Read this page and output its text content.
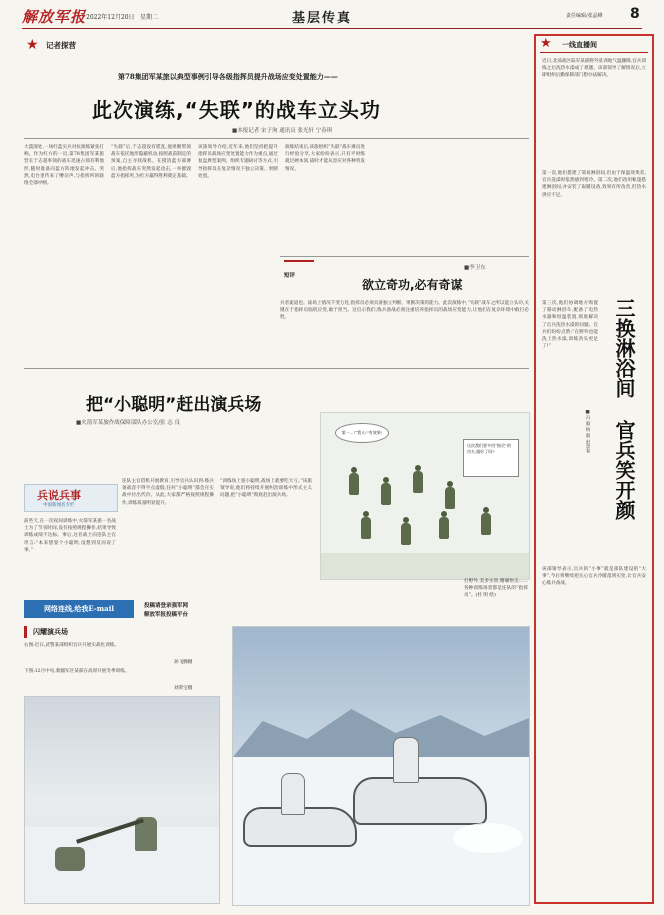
解放军报 2022年12月20日 星期二	基层传真	责任编辑/张晶峰 8
★ 记者探营
第78集团军某旅以典型事例引导各级指挥员提升战场应变处置能力——
此次演练,“失联”的战车立头功
■本报记者 宋子洵 通讯员 张光轩 宁春琪
大漠深处,一场红蓝实兵对抗演练紧张打响。作为红方的一员,第78集团军某旅营长于志超率领的战车迅速占领有利地形,随时准备向蓝方阵地发起冲击。突然,电台里传来了嘈杂声,与指挥所的联络全部中断。
“失联”后,于志超没有慌乱,他果断带领战车依托地形隐蔽机动,按照战前制定的预案,自主寻找战机。在摸清蓝方部署后,他指挥战车突然发起攻击,一举摧毁蓝方指挥所,为红方赢得胜利奠定基础。
该旅领导介绍,近年来,他们坚持把提升指挥员战场应变处置能力作为重点,通过复盘典型案例、组织专题研讨等方式,引导指挥员在复杂情况下独立决策、果断处置。
演练结束后,该旅组织“失联”战车乘员进行经验分享,大家纷纷表示,只有平时练就过硬本领,战时才能从容应对各种突发情况。
短评
■李卫东
欲立奇功,必有奇谋
兵者诡道也。战场上情况千变万化,指挥员必须具备独立判断、果断决策的能力。此次演练中,“失联”战车之所以能立头功,关键在于指挥员临机应变,敢于担当。这启示我们,练兵备战必须注重培养指挥员的战场应变能力,让他们在复杂环境中敢打必胜。
★ 一线直播间
近日,北部战区陆军某部野外驻训地气温骤降,官兵训练之后洗热水澡成了难题。该部领导了解情况后,立即组织后勤保障部门想办法解决。
第一次,他们搭建了简易淋浴间,但由于保温效果差,官兵洗澡时依然感到寒冷。第二次,他们改用帐篷搭建淋浴间,并安装了取暖设备,效果有所改善,但热水供应不足。
三换淋浴间
官兵笑开颜
■冯 毅 杨 毅 赵景春
第三次,他们协调地方购置了移动淋浴车,配备了电热水器和恒温装置,彻底解决了官兵洗热水澡的问题。官兵们纷纷点赞:“在野外也能洗上热水澡,训练劲头更足了!”
该部领导表示,官兵的“小事”就是部队建设的“大事”,今后将继续把关心官兵冷暖落到实处,让官兵安心练兵备战。
把“小聪明”赶出演兵场
■火箭军某旅作战保障部队办公室/张 志 良
兵说兵事
中国新闻名专栏
前些天,在一次夜间训练中,火箭军某旅一名战士为了节省时间,没有按照规程操作,结果导致训练成绩不达标。事后,这名战士向连队主官坦言:“本来想耍个小聪明,没想到反而误了事。”
连队主官借机开展教育,引导官兵认识到:练兵备战容不得半点虚假,任何“小聪明”都会在实战中付出代价。从此,大家都严格按照规程操作,训练质量明显提升。
“训练场上耍小聪明,战场上就要吃大亏。”该旅领导说,他们将持续开展纠治训练中形式主义问题,把“小聪明”彻底赶出演兵场。
第一...!“我人!”有效果!
这次我们要多用“指尖”的功夫,做好了吗?
打野外,美多实训,精确射击……各种训练场景都是连队的“指挥员”。(杜 明 绘)
网络连线,给我E-mail	投稿请登录强军网
解放军报投稿平台
闪耀演兵场
右图:近日,武警某部组织官兵开展实战化训练。
孙飞腾摄
下图:12月中旬,新疆军区某部在高原开展冬季训练。
刘荣宝摄
